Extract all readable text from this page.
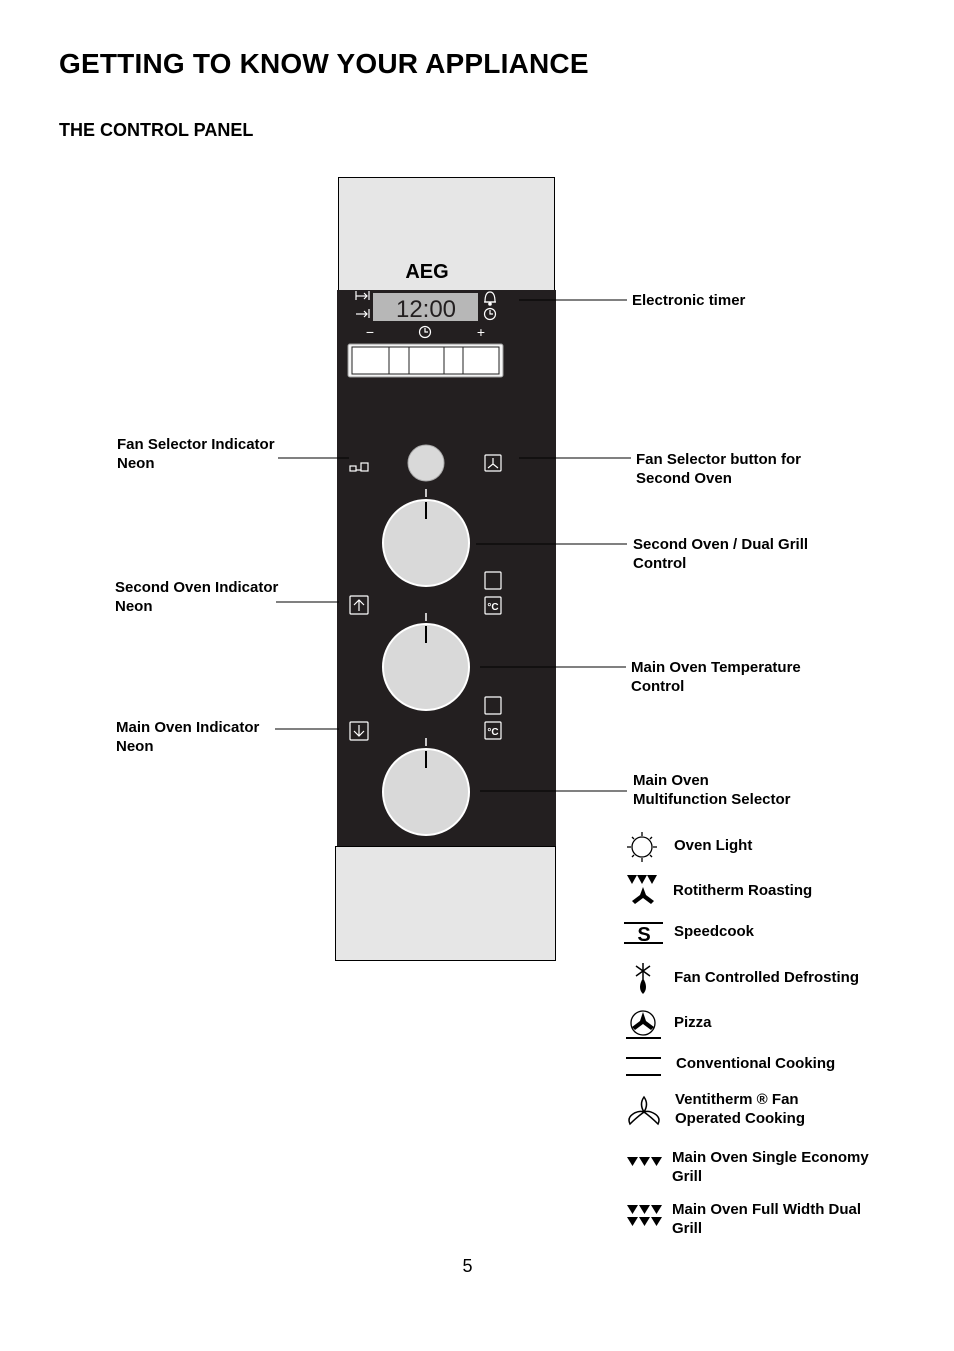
GETTING TO KNOW YOUR APPLIANCE
THE CONTROL PANEL
AEG
12:00
−	+
°C
°C
S
Electronic timer
Fan Selector Indicator
Neon	Fan Selector button for
Second Oven
Second Oven / Dual Grill
Control
Second Oven Indicator
Neon
Main Oven Temperature
Control
Main Oven Indicator
Neon
Main Oven
Multifunction Selector
Oven Light
Rotitherm Roasting
Speedcook
Fan Controlled Defrosting
Pizza
Conventional Cooking
Ventitherm ® Fan
Operated Cooking
Main Oven Single Economy
Grill
Main Oven Full Width Dual
Grill
5
